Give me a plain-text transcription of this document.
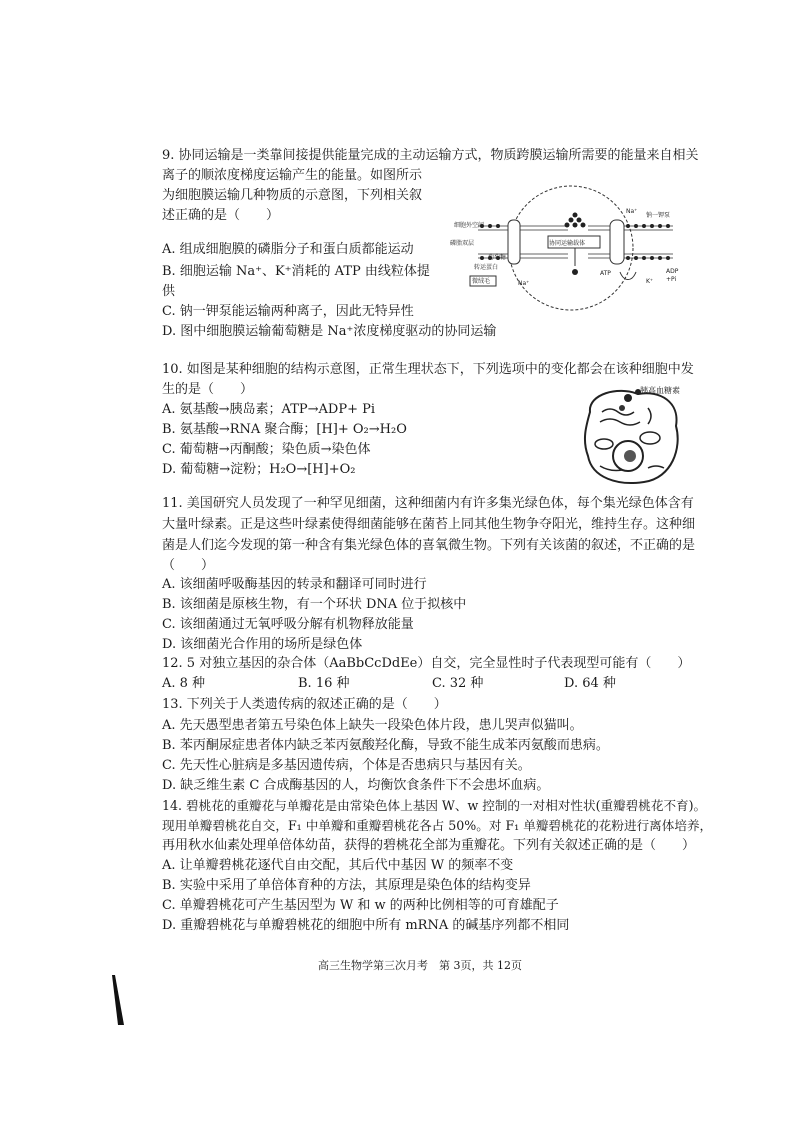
9. 协同运输是一类靠间接提供能量完成的主动运输方式，物质跨膜运输所需要的能量来自相关
离子的顺浓度梯度运输产生的能量。如图所示
为细胞膜运输几种物质的示意图，下列相关叙
述正确的是（　　）
A. 组成细胞膜的磷脂分子和蛋白质都能运动
B. 细胞运输 Na⁺、K⁺消耗的 ATP 由线粒体提
供
C. 钠一钾泵能运输两种离子，因此无特异性
D. 图中细胞膜运输葡萄糖是 Na⁺浓度梯度驱动的协同运输
细胞外空间
磷脂双层
葡萄糖
协同运输载体
转运蛋白
微绒毛
钠一钾泵
Na⁺
Na⁺
ATP	ADP
+Pi
K⁺
10. 如图是某种细胞的结构示意图，正常生理状态下，下列选项中的变化都会在该种细胞中发
生的是（　　）
A. 氨基酸→胰岛素；ATP→ADP+ Pi
B. 氨基酸→RNA 聚合酶；[H]+ O₂→H₂O
C. 葡萄糖→丙酮酸；染色质→染色体
D. 葡萄糖→淀粉；H₂O→[H]+O₂
胰高血糖素
11. 美国研究人员发现了一种罕见细菌，这种细菌内有许多集光绿色体，每个集光绿色体含有
大量叶绿素。正是这些叶绿素使得细菌能够在菌苔上同其他生物争夺阳光，维持生存。这种细
菌是人们迄今发现的第一种含有集光绿色体的喜氧微生物。下列有关该菌的叙述，不正确的是
（　　）
A. 该细菌呼吸酶基因的转录和翻译可同时进行
B. 该细菌是原核生物，有一个环状 DNA 位于拟核中
C. 该细菌通过无氧呼吸分解有机物释放能量
D. 该细菌光合作用的场所是绿色体
12. 5 对独立基因的杂合体（AaBbCcDdEe）自交，完全显性时子代表现型可能有（　　）
A. 8 种	B. 16 种	C. 32 种	D. 64 种
13. 下列关于人类遗传病的叙述正确的是（　　）
A. 先天愚型患者第五号染色体上缺失一段染色体片段，患儿哭声似猫叫。
B. 苯丙酮尿症患者体内缺乏苯丙氨酸羟化酶，导致不能生成苯丙氨酸而患病。
C. 先天性心脏病是多基因遗传病，个体是否患病只与基因有关。
D. 缺乏维生素 C 合成酶基因的人，均衡饮食条件下不会患坏血病。
14. 碧桃花的重瓣花与单瓣花是由常染色体上基因 W、w 控制的一对相对性状(重瓣碧桃花不育)。
现用单瓣碧桃花自交，F₁ 中单瓣和重瓣碧桃花各占 50%。对 F₁ 单瓣碧桃花的花粉进行离体培养，
再用秋水仙素处理单倍体幼苗，获得的碧桃花全部为重瓣花。下列有关叙述正确的是（　　）
A. 让单瓣碧桃花逐代自由交配，其后代中基因 W 的频率不变
B. 实验中采用了单倍体育种的方法，其原理是染色体的结构变异
C. 单瓣碧桃花可产生基因型为 W 和 w 的两种比例相等的可育雄配子
D. 重瓣碧桃花与单瓣碧桃花的细胞中所有 mRNA 的碱基序列都不相同
高三生物学第三次月考　第 3页，共 12页
